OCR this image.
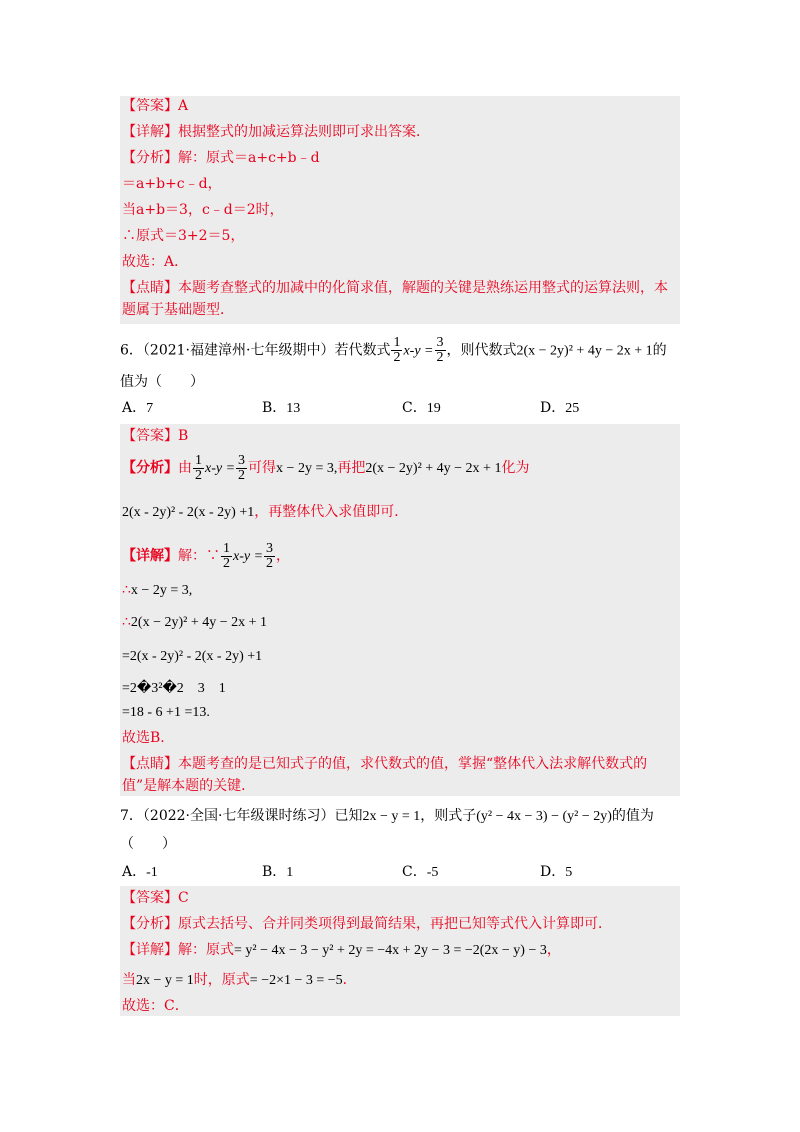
【答案】A
【详解】根据整式的加减运算法则即可求出答案．
【分析】解：原式＝a+c+b﹣d
＝a+b+c﹣d，
当a+b＝3，c﹣d＝2时，
∴原式＝3+2＝5，
故选：A．
【点睛】本题考查整式的加减中的化简求值，解题的关键是熟练运用整式的运算法则，本
题属于基础题型．
6．（2021·福建漳州·七年级期中）若代数式 $\frac{1}{2} x-y = \frac{3}{2}$ ，则代数式2(x − 2y)² + 4y − 2x + 1的
值为（　　）
A．7	B．13	C．19	D．25
【答案】B
【分析】由 $\frac{1}{2} x-y = \frac{3}{2}$ 可得x − 2y = 3,再把2(x − 2y)² + 4y − 2x + 1化为
2(x - 2y)² - 2(x - 2y) +1，再整体代入求值即可．
【详解】解：∵ $\frac{1}{2} x-y = \frac{3}{2}$ ，
∴x − 2y = 3,
∴2(x − 2y)² + 4y − 2x + 1
=2(x - 2y)² - 2(x - 2y) +1
=2�3²�2　3　1
=18 - 6 +1 =13.
故选B.
【点睛】本题考查的是已知式子的值，求代数式的值，掌握“整体代入法求解代数式的
值”是解本题的关键．
7．（2022·全国·七年级课时练习）已知2x − y = 1，则式子(y² − 4x − 3) − (y² − 2y)的值为
（　　）
A．-1	B．1	C．-5	D．5
【答案】C
【分析】原式去括号、合并同类项得到最简结果，再把已知等式代入计算即可．
【详解】解：原式= y² − 4x − 3 − y² + 2y = −4x + 2y − 3 = −2(2x − y) − 3，
当2x − y = 1时，原式= −2×1 − 3 = −5．
故选：C．
